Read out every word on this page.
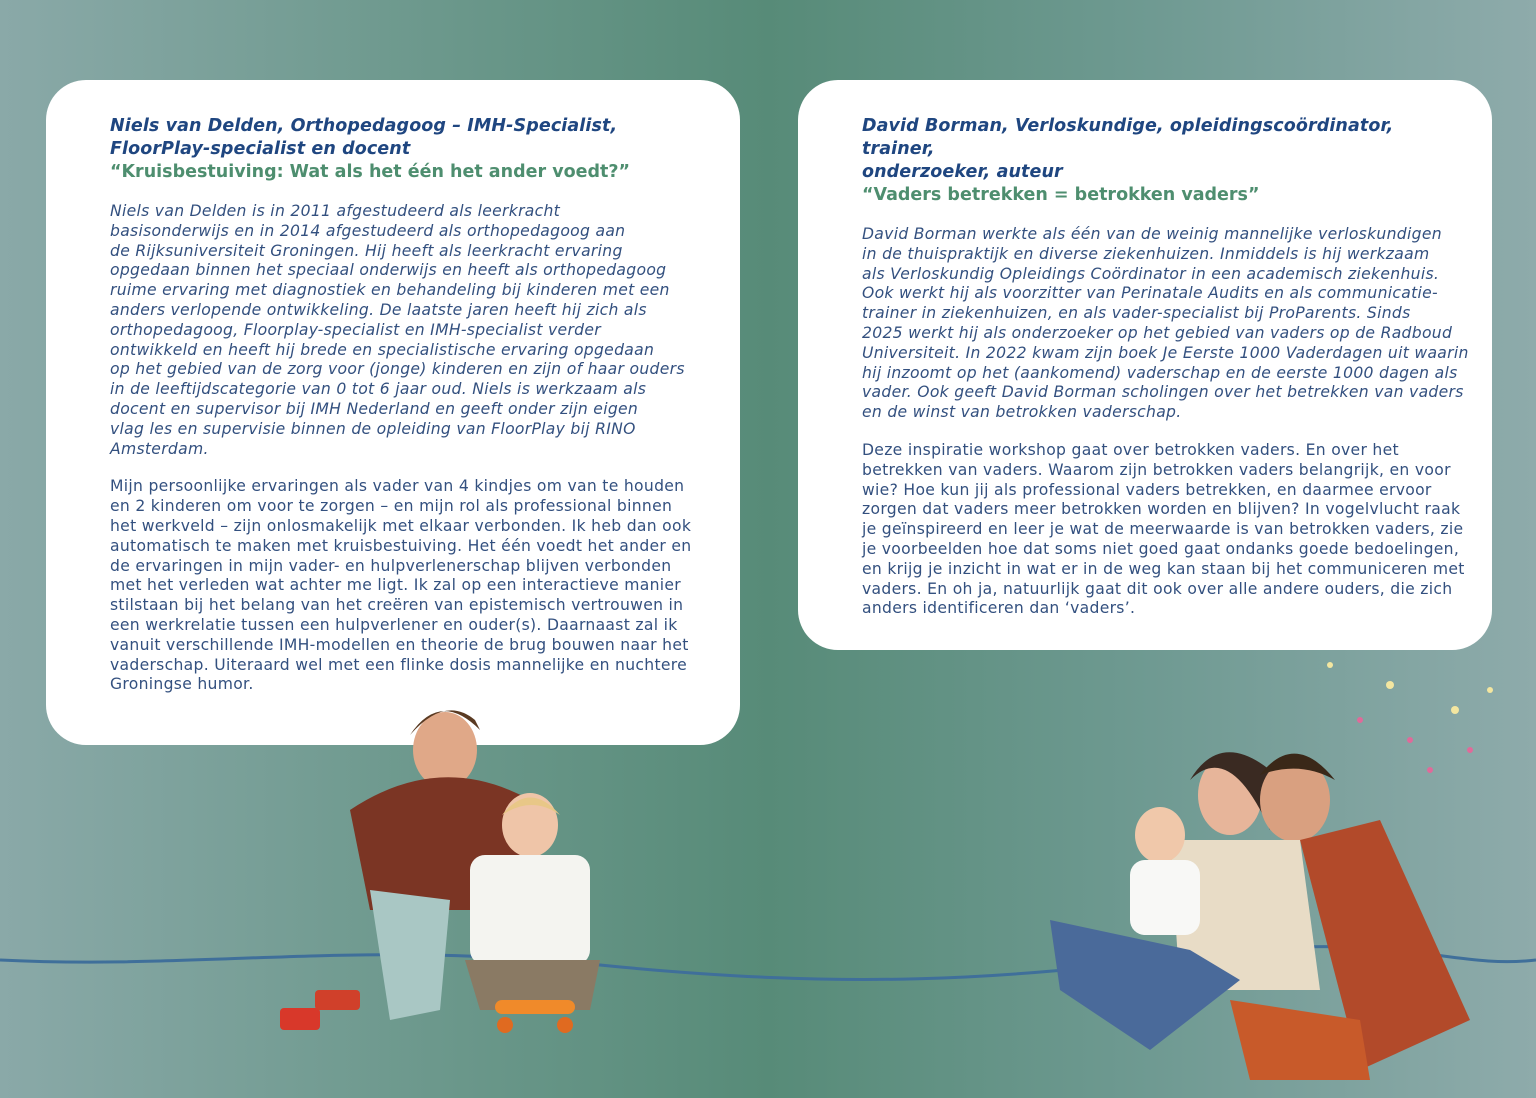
Niels van Delden, Orthopedagoog – IMH-Specialist,
FloorPlay-specialist en docent
“Kruisbestuiving: Wat als het één het ander voedt?”
Niels van Delden is in 2011 afgestudeerd als leerkracht
basisonderwijs en in 2014 afgestudeerd als orthopedagoog aan
de Rijksuniversiteit Groningen. Hij heeft als leerkracht ervaring
opgedaan binnen het speciaal onderwijs en heeft als orthopedagoog
ruime ervaring met diagnostiek en behandeling bij kinderen met een
anders verlopende ontwikkeling. De laatste jaren heeft hij zich als
orthopedagoog, Floorplay-specialist en IMH-specialist verder
ontwikkeld en heeft hij brede en specialistische ervaring opgedaan
op het gebied van de zorg voor (jonge) kinderen en zijn of haar ouders
in de leeftijdscategorie van 0 tot 6 jaar oud. Niels is werkzaam als
docent en supervisor bij IMH Nederland en geeft onder zijn eigen
vlag les en supervisie binnen de opleiding van FloorPlay bij RINO
Amsterdam.
Mijn persoonlijke ervaringen als vader van 4 kindjes om van te houden
en 2 kinderen om voor te zorgen – en mijn rol als professional binnen
het werkveld – zijn onlosmakelijk met elkaar verbonden. Ik heb dan ook
automatisch te maken met kruisbestuiving. Het één voedt het ander en
de ervaringen in mijn vader- en hulpverlenerschap blijven verbonden
met het verleden wat achter me ligt. Ik zal op een interactieve manier
stilstaan bij het belang van het creëren van epistemisch vertrouwen in
een werkrelatie tussen een hulpverlener en ouder(s). Daarnaast zal ik
vanuit verschillende IMH-modellen en theorie de brug bouwen naar het
vaderschap. Uiteraard wel met een flinke dosis mannelijke en nuchtere
Groningse humor.
David Borman, Verloskundige, opleidingscoördinator, trainer,
onderzoeker, auteur
“Vaders betrekken = betrokken vaders”
David Borman werkte als één van de weinig mannelijke verloskundigen
in de thuispraktijk en diverse ziekenhuizen. Inmiddels is hij werkzaam
als Verloskundig Opleidings Coördinator in een academisch ziekenhuis.
Ook werkt hij als voorzitter van Perinatale Audits en als communicatie-
trainer in ziekenhuizen, en als vader-specialist bij ProParents. Sinds
2025 werkt hij als onderzoeker op het gebied van vaders op de Radboud
Universiteit. In 2022 kwam zijn boek Je Eerste 1000 Vaderdagen uit waarin
hij inzoomt op het (aankomend) vaderschap en de eerste 1000 dagen als
vader. Ook geeft David Borman scholingen over het betrekken van vaders
en de winst van betrokken vaderschap.
Deze inspiratie workshop gaat over betrokken vaders. En over het
betrekken van vaders. Waarom zijn betrokken vaders belangrijk, en voor
wie? Hoe kun jij als professional vaders betrekken, en daarmee ervoor
zorgen dat vaders meer betrokken worden en blijven? In vogelvlucht raak
je geïnspireerd en leer je wat de meerwaarde is van betrokken vaders, zie
je voorbeelden hoe dat soms niet goed gaat ondanks goede bedoelingen,
en krijg je inzicht in wat er in de weg kan staan bij het communiceren met
vaders. En oh ja, natuurlijk gaat dit ook over alle andere ouders, die zich
anders identificeren dan ‘vaders’.
